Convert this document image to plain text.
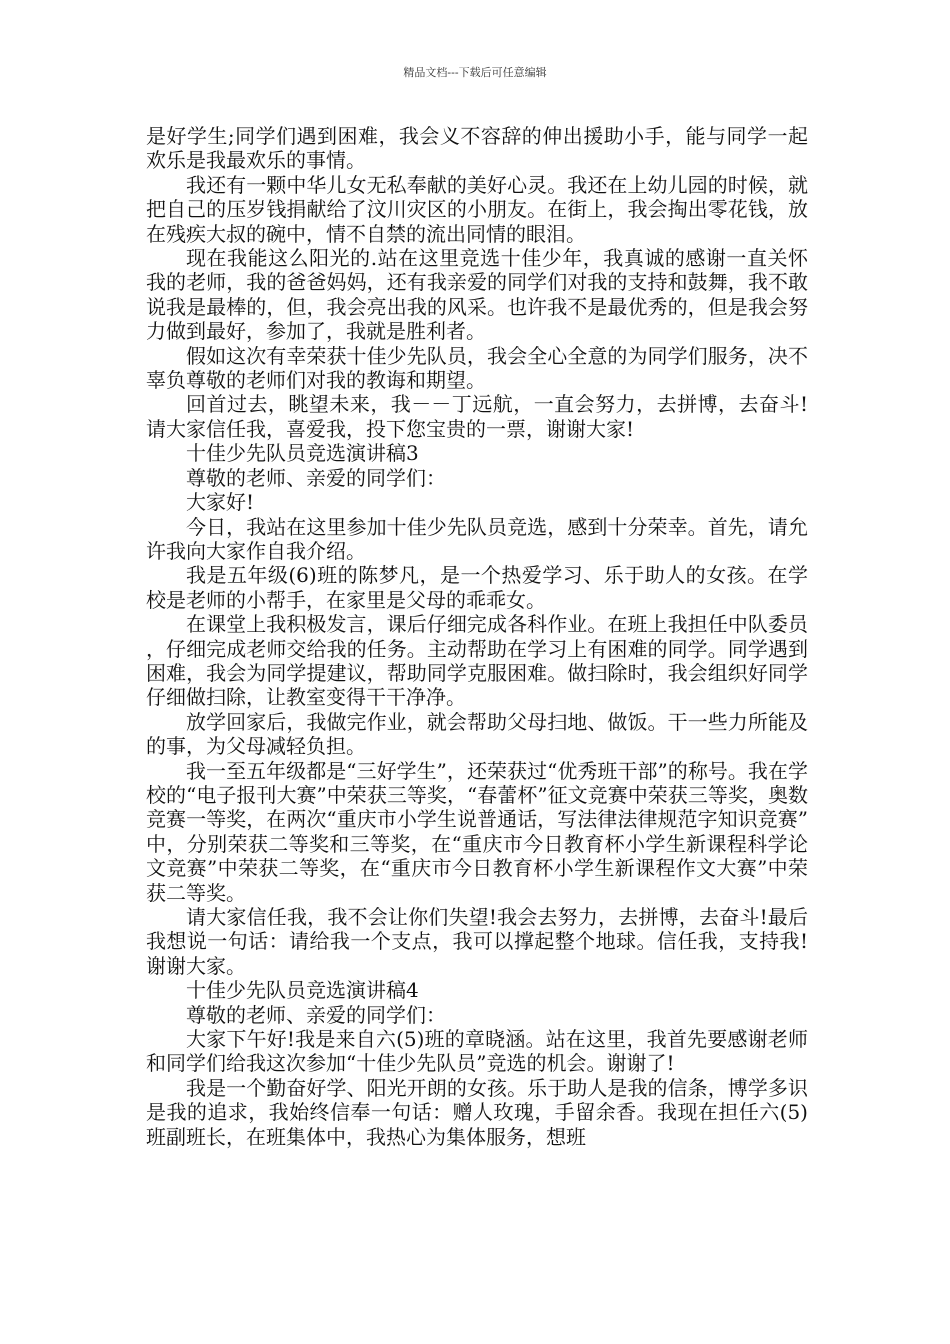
精品文档---下载后可任意编辑

是好学生;同学们遇到困难，我会义不容辞的伸出援助小手，能与同学一起欢乐是我最欢乐的事情。

我还有一颗中华儿女无私奉献的美好心灵。我还在上幼儿园的时候，就把自己的压岁钱捐献给了汶川灾区的小朋友。在街上，我会掏出零花钱，放在残疾大叔的碗中，情不自禁的流出同情的眼泪。

现在我能这么阳光的.站在这里竞选十佳少年，我真诚的感谢一直关怀我的老师，我的爸爸妈妈，还有我亲爱的同学们对我的支持和鼓舞，我不敢说我是最棒的，但，我会亮出我的风采。也许我不是最优秀的，但是我会努力做到最好，参加了，我就是胜利者。

假如这次有幸荣获十佳少先队员，我会全心全意的为同学们服务，决不辜负尊敬的老师们对我的教诲和期望。

回首过去，眺望未来，我－－丁远航，一直会努力，去拼博，去奋斗!请大家信任我，喜爱我，投下您宝贵的一票，谢谢大家!

十佳少先队员竞选演讲稿3

尊敬的老师、亲爱的同学们：

大家好!

今日，我站在这里参加十佳少先队员竞选，感到十分荣幸。首先，请允许我向大家作自我介绍。

我是五年级(6)班的陈梦凡，是一个热爱学习、乐于助人的女孩。在学校是老师的小帮手，在家里是父母的乖乖女。

在课堂上我积极发言，课后仔细完成各科作业。在班上我担任中队委员，仔细完成老师交给我的任务。主动帮助在学习上有困难的同学。同学遇到困难，我会为同学提建议，帮助同学克服困难。做扫除时，我会组织好同学仔细做扫除，让教室变得干干净净。

放学回家后，我做完作业，就会帮助父母扫地、做饭。干一些力所能及的事，为父母减轻负担。

我一至五年级都是“三好学生”，还荣获过“优秀班干部”的称号。我在学校的“电子报刊大赛”中荣获三等奖，“春蕾杯”征文竞赛中荣获三等奖，奥数竞赛一等奖，在两次“重庆市小学生说普通话，写法律法律规范字知识竞赛”中，分别荣获二等奖和三等奖，在“重庆市今日教育杯小学生新课程科学论文竞赛”中荣获二等奖，在“重庆市今日教育杯小学生新课程作文大赛”中荣获二等奖。

请大家信任我，我不会让你们失望!我会去努力，去拼博，去奋斗!最后我想说一句话：请给我一个支点，我可以撑起整个地球。信任我，支持我!谢谢大家。

十佳少先队员竞选演讲稿4

尊敬的老师、亲爱的同学们：

大家下午好!我是来自六(5)班的章晓涵。站在这里，我首先要感谢老师和同学们给我这次参加“十佳少先队员”竞选的机会。谢谢了!

我是一个勤奋好学、阳光开朗的女孩。乐于助人是我的信条，博学多识是我的追求，我始终信奉一句话：赠人玫瑰，手留余香。我现在担任六(5)班副班长，在班集体中，我热心为集体服务，想班
